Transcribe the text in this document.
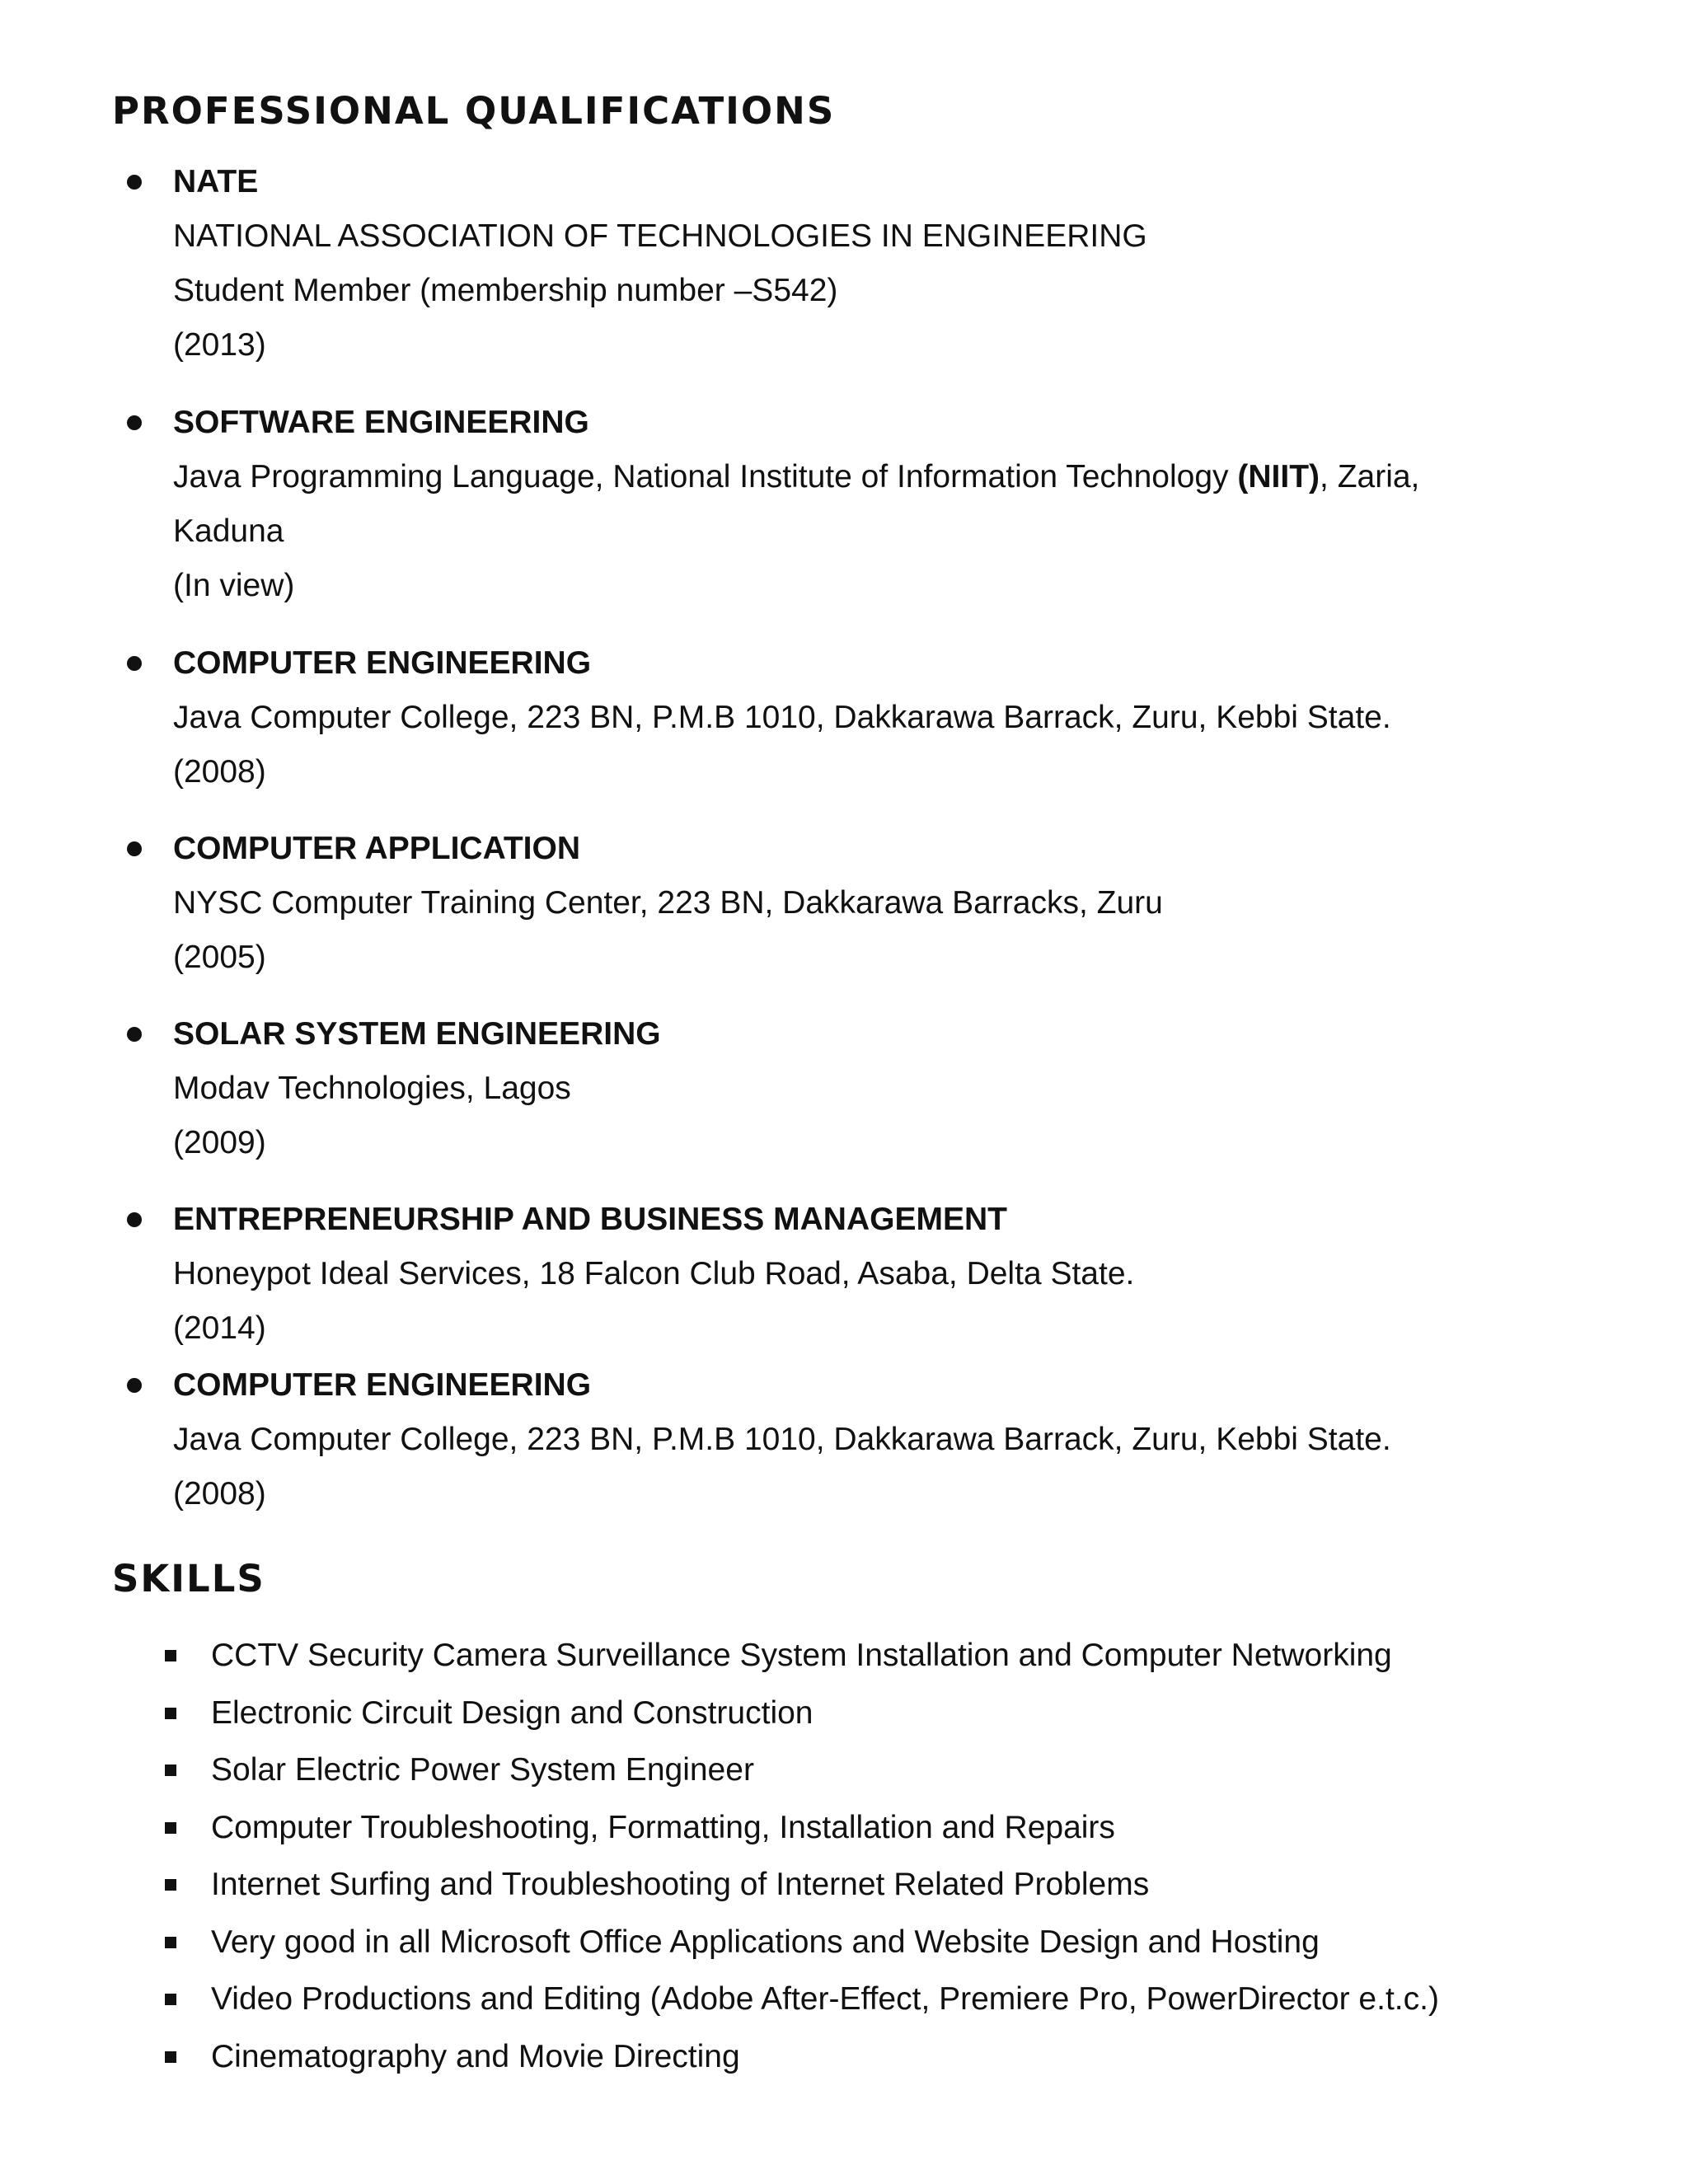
PROFESSIONAL QUALIFICATIONS
NATE
NATIONAL ASSOCIATION OF TECHNOLOGIES IN ENGINEERING
Student Member (membership number –S542)
(2013)
SOFTWARE ENGINEERING
Java Programming Language, National Institute of Information Technology (NIIT), Zaria,
Kaduna
(In view)
COMPUTER ENGINEERING
Java Computer College, 223 BN, P.M.B 1010, Dakkarawa Barrack, Zuru, Kebbi State.
(2008)
COMPUTER APPLICATION
NYSC Computer Training Center, 223 BN, Dakkarawa Barracks, Zuru
(2005)
SOLAR SYSTEM ENGINEERING
Modav Technologies, Lagos
(2009)
ENTREPRENEURSHIP AND BUSINESS MANAGEMENT
Honeypot Ideal Services, 18 Falcon Club Road, Asaba, Delta State.
(2014)
COMPUTER ENGINEERING
Java Computer College, 223 BN, P.M.B 1010, Dakkarawa Barrack, Zuru, Kebbi State.
(2008)
SKILLS
CCTV Security Camera Surveillance System Installation and Computer Networking
Electronic Circuit Design and Construction
Solar Electric Power System Engineer
Computer Troubleshooting, Formatting, Installation and Repairs
Internet Surfing and Troubleshooting of Internet Related Problems
Very good in all Microsoft Office Applications and Website Design and Hosting
Video Productions and Editing (Adobe After-Effect, Premiere Pro, PowerDirector e.t.c.)
Cinematography and Movie Directing
